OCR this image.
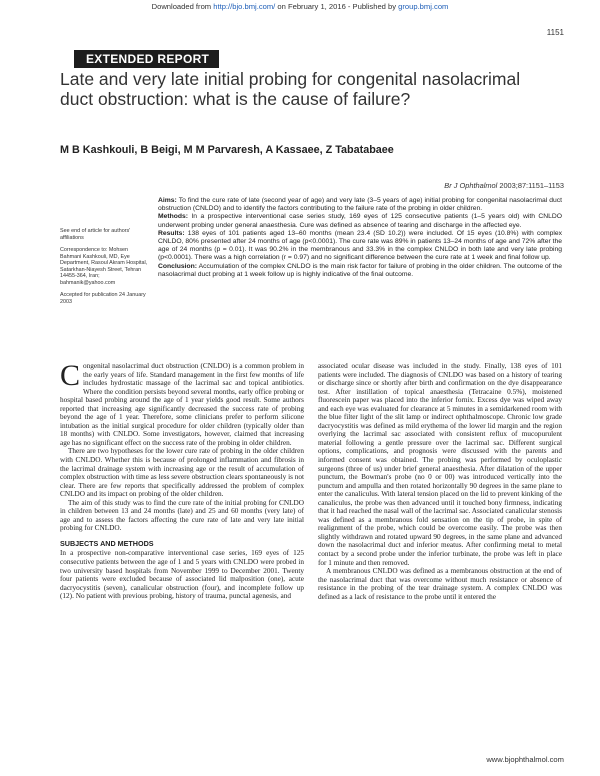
Downloaded from http://bjo.bmj.com/ on February 1, 2016 - Published by group.bmj.com
1151
EXTENDED REPORT
Late and very late initial probing for congenital nasolacrimal duct obstruction: what is the cause of failure?
M B Kashkouli, B Beigi, M M Parvaresh, A Kassaee, Z Tabatabaee
Br J Ophthalmol 2003;87:1151–1153

Aims: To find the cure rate of late (second year of age) and very late (3–5 years of age) initial probing for congenital nasolacrimal duct obstruction (CNLDO) and to identify the factors contributing to the failure rate of the probing in older children.

Methods: In a prospective interventional case series study, 169 eyes of 125 consecutive patients (1–5 years old) with CNLDO underwent probing under general anaesthesia. Cure was defined as absence of tearing and discharge in the affected eye.

Results: 138 eyes of 101 patients aged 13–60 months (mean 23.4 (SD 10.2)) were included. Of 15 eyes (10.8%) with complex CNLDO, 80% presented after 24 months of age (p<0.0001). The cure rate was 89% in patients 13–24 months of age and 72% after the age of 24 months (p = 0.01). It was 90.2% in the membranous and 33.3% in the complex CNLDO in both late and very late probing (p<0.0001). There was a high correlation (r = 0.97) and no significant difference between the cure rate at 1 week and final follow up.

Conclusion: Accumulation of the complex CNLDO is the main risk factor for failure of probing in the older children. The outcome of the nasolacrimal duct probing at 1 week follow up is highly indicative of the final outcome.

See end of article for authors' affiliations

Correspondence to: Mohsen Bahmani Kashkouli, MD, Eye Department, Rasoul Akram Hospital, Satarkhan-Niayesh Street, Tehran 14455-364, Iran; bahmanik@yahoo.com

Accepted for publication 24 January 2003

Congenital nasolacrimal duct obstruction (CNLDO) is a common problem in the early years of life. Standard management in the first few months of life includes hydrostatic massage of the lacrimal sac and topical antibiotics. Where the condition persists beyond several months, early office probing or hospital based probing around the age of 1 year yields good result. Some authors reported that increasing age significantly decreased the success rate of probing beyond the age of 1 year. Therefore, some clinicians prefer to perform silicone intubation as the initial surgical procedure for older children (typically older than 18 months) with CNLDO. Some investigators, however, claimed that increasing age has no significant effect on the success rate of the probing in older children.

There are two hypotheses for the lower cure rate of probing in the older children with CNLDO. Whether this is because of prolonged inflammation and fibrosis in the lacrimal drainage system with increasing age or the result of accumulation of complex obstruction with time as less severe obstruction clears spontaneously is not clear. There are few reports that specifically addressed the problem of complex CNLDO and its impact on probing of the older children.

The aim of this study was to find the cure rate of the initial probing for CNLDO in children between 13 and 24 months (late) and 25 and 60 months (very late) of age and to assess the factors affecting the cure rate of late and very late initial probing for CNLDO.

SUBJECTS AND METHODS

In a prospective non-comparative interventional case series, 169 eyes of 125 consecutive patients between the age of 1 and 5 years with CNLDO were probed in two university based hospitals from November 1999 to December 2001. Twenty four patients were excluded because of associated lid malposition (one), acute dacryocystitis (seven), canalicular obstruction (four), and incomplete follow up (12). No patient with previous probing, history of trauma, punctal agenesis, and

associated ocular disease was included in the study. Finally, 138 eyes of 101 patients were included. The diagnosis of CNLDO was based on a history of tearing or discharge since or shortly after birth and confirmation on the dye disappearance test. After instillation of topical anaesthesia (Tetracaine 0.5%), moistened fluorescein paper was placed into the inferior fornix. Excess dye was wiped away and each eye was evaluated for clearance at 5 minutes in a semidarkened room with the blue filter light of the slit lamp or indirect ophthalmoscope. Chronic low grade dacryocystitis was defined as mild erythema of the lower lid margin and the region overlying the lacrimal sac associated with consistent reflux of mucopurulent material following a gentle pressure over the lacrimal sac. Different surgical options, complications, and prognosis were discussed with the parents and informed consent was obtained. The probing was performed by oculoplastic surgeons (three of us) under brief general anaesthesia. After dilatation of the upper punctum, the Bowman's probe (no 0 or 00) was introduced vertically into the punctum and ampulla and then rotated horizontally 90 degrees in the same plane to enter the canaliculus. With lateral tension placed on the lid to prevent kinking of the canaliculus, the probe was then advanced until it touched bony firmness, indicating that it had reached the nasal wall of the lacrimal sac. Associated canalicular stenosis was defined as a membranous fold sensation on the tip of probe, in spite of realignment of the probe, which could be overcome easily. The probe was then slightly withdrawn and rotated upward 90 degrees, in the same plane and advanced down the nasolacrimal duct and inferior meatus. After confirming metal to metal contact by a second probe under the inferior turbinate, the probe was left in place for 1 minute and then removed.

A membranous CNLDO was defined as a membranous obstruction at the end of the nasolacrimal duct that was overcome without much resistance or absence of resistance in the probing of the tear drainage system. A complex CNLDO was defined as a lack of resistance to the probe until it entered the

www.bjophthalmol.com
